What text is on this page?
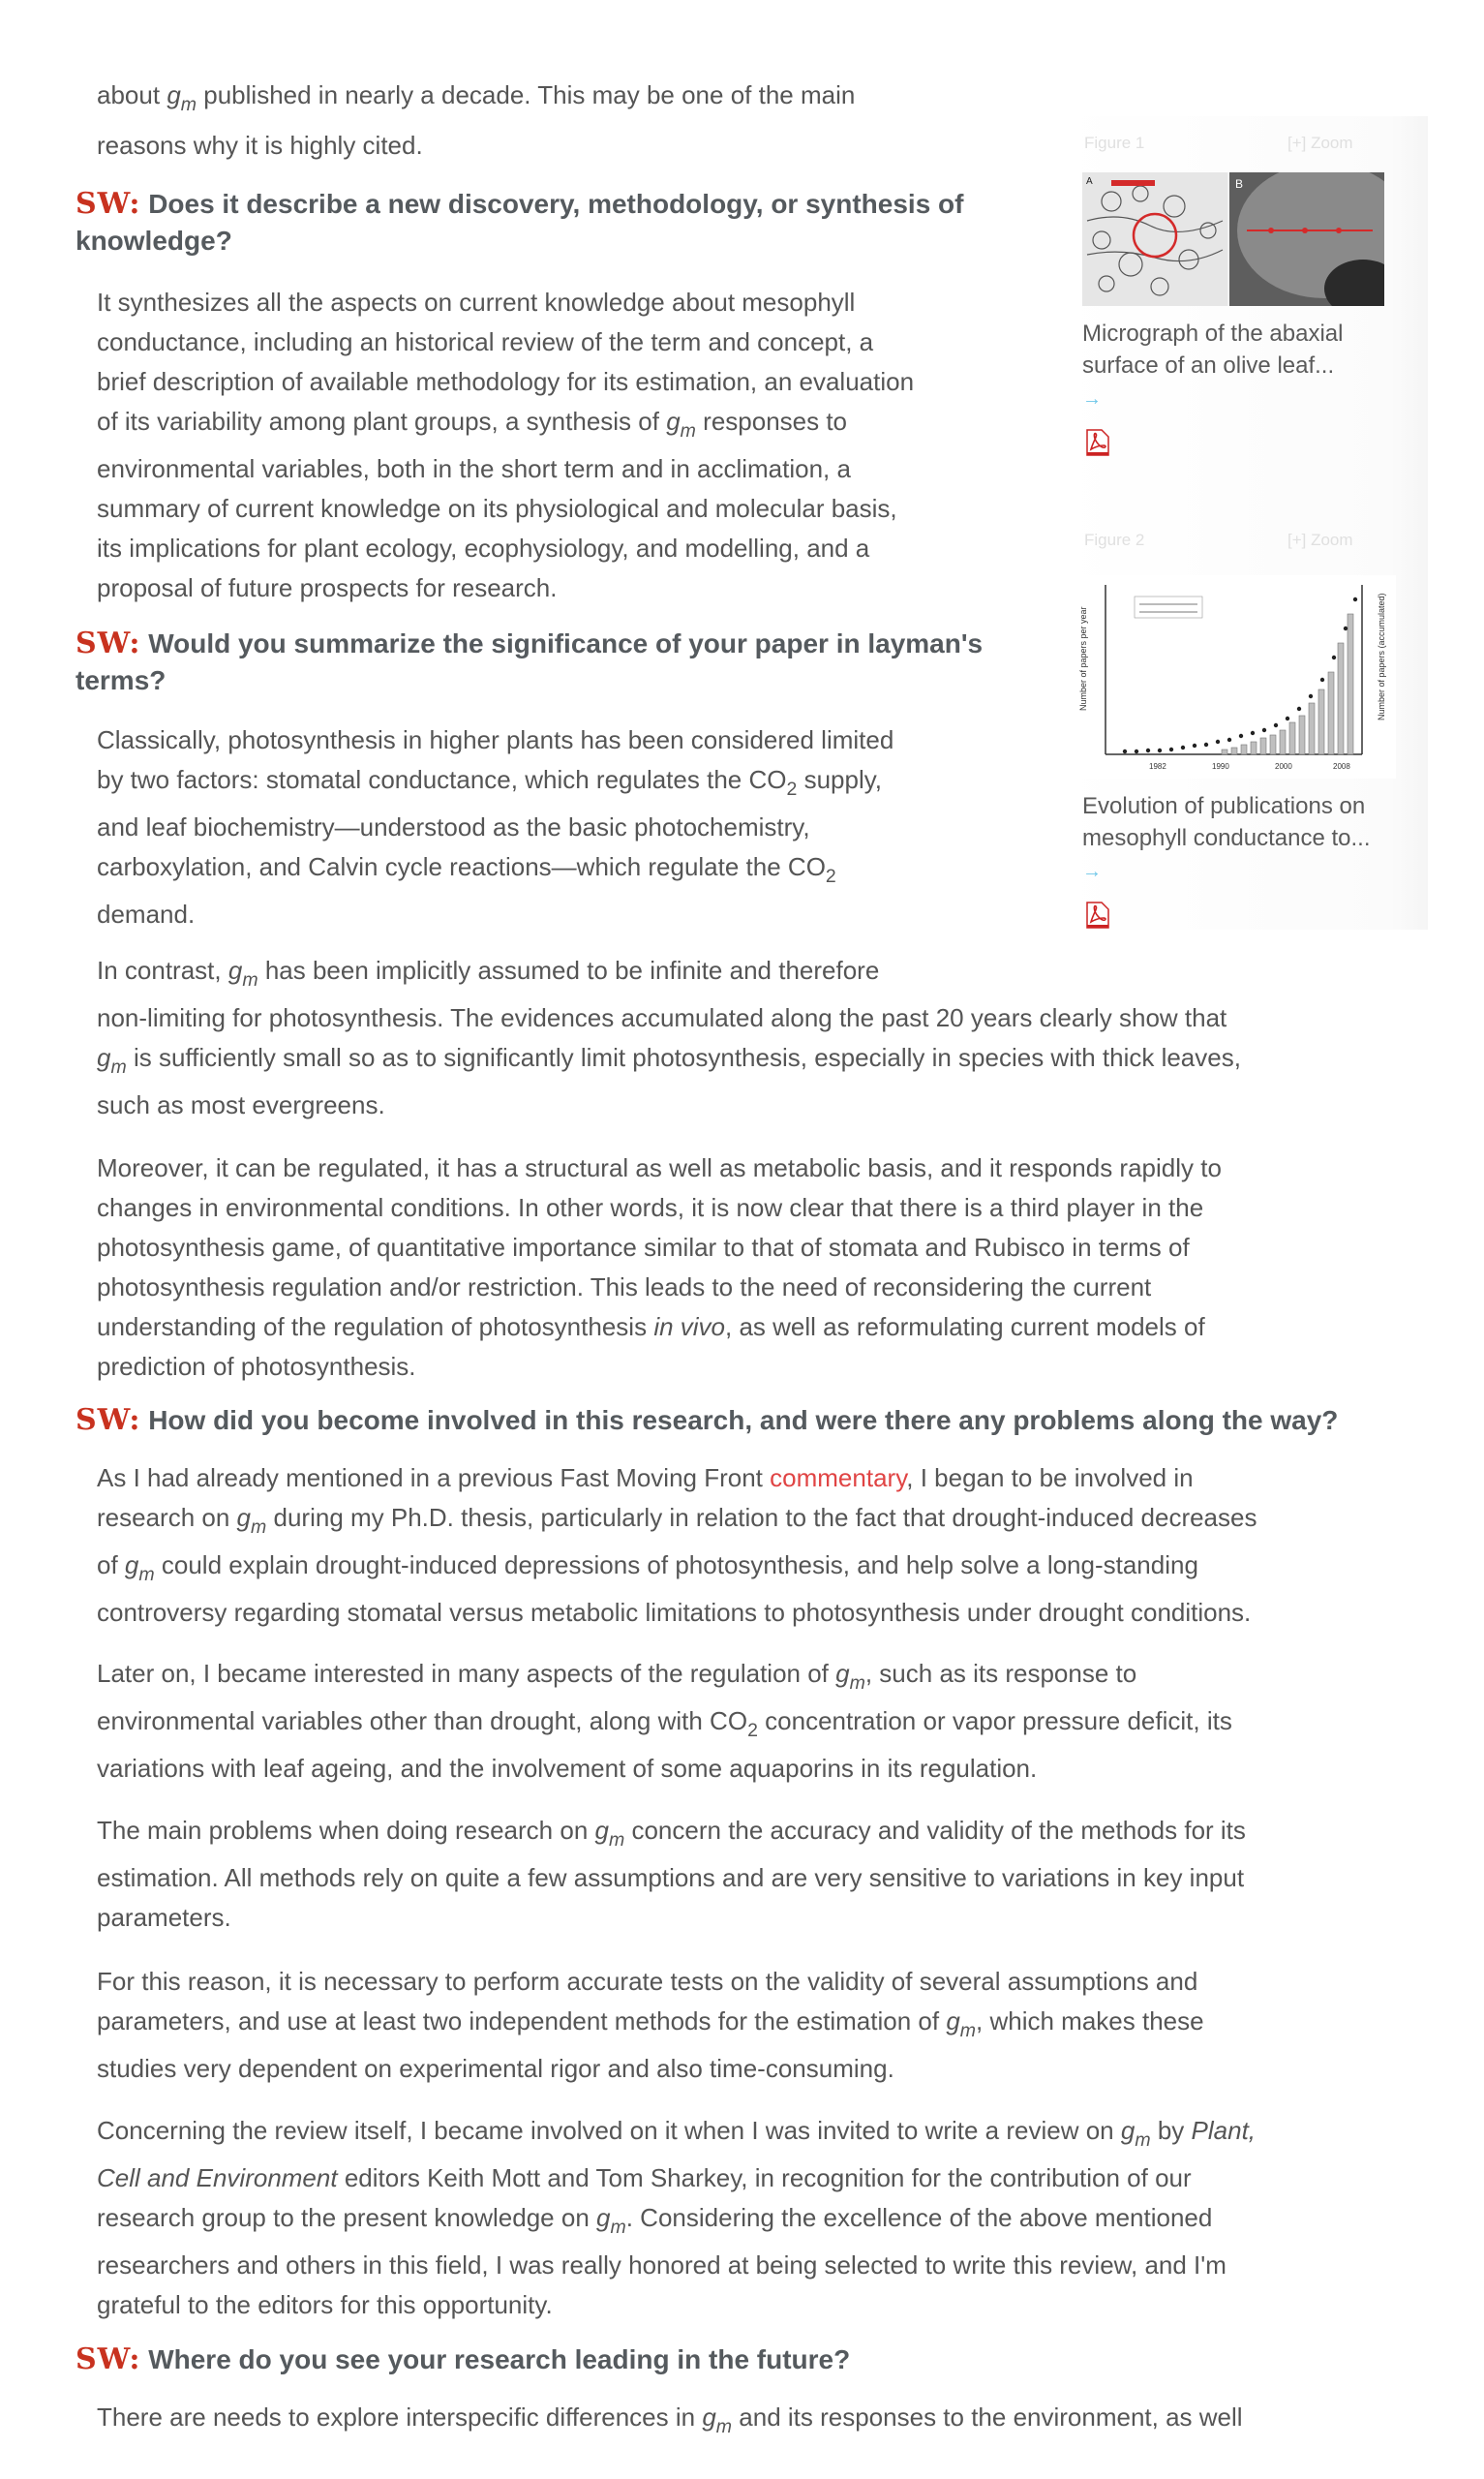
Figure 1	[+] Zoom
B
A

Micrograph of the abaxial surface of an olive leaf...
→

Figure 2	[+] Zoom
Number of papers per year	Number of papers (accumulated)
1982	1990	2000	2008

Evolution of publications on mesophyll conductance to... →

about $g_m$ published in nearly a decade. This may be one of the main

reasons why it is highly cited.

SW: Does it describe a new discovery, methodology, or synthesis of knowledge?

It synthesizes all the aspects on current knowledge about mesophyll

conductance, including an historical review of the term and concept, a

brief description of available methodology for its estimation, an evaluation

of its variability among plant groups, a synthesis of $g_m$ responses to

environmental variables, both in the short term and in acclimation, a

summary of current knowledge on its physiological and molecular basis,

its implications for plant ecology, ecophysiology, and modelling, and a

proposal of future prospects for research.

SW: Would you summarize the significance of your paper in layman's terms?

Classically, photosynthesis in higher plants has been considered limited

by two factors: stomatal conductance, which regulates the $CO_2$ supply,

and leaf biochemistry—understood as the basic photochemistry,

carboxylation, and Calvin cycle reactions—which regulate the $CO_2$

demand.

In contrast, $g_m$ has been implicitly assumed to be infinite and therefore

non-limiting for photosynthesis. The evidences accumulated along the past 20 years clearly show that

$g_m$ is sufficiently small so as to significantly limit photosynthesis, especially in species with thick leaves,

such as most evergreens.

Moreover, it can be regulated, it has a structural as well as metabolic basis, and it responds rapidly to

changes in environmental conditions. In other words, it is now clear that there is a third player in the

photosynthesis game, of quantitative importance similar to that of stomata and Rubisco in terms of

photosynthesis regulation and/or restriction. This leads to the need of reconsidering the current

understanding of the regulation of photosynthesis in vivo, as well as reformulating current models of

prediction of photosynthesis.

SW: How did you become involved in this research, and were there any problems along the way?

As I had already mentioned in a previous Fast Moving Front commentary, I began to be involved in

research on $g_m$ during my Ph.D. thesis, particularly in relation to the fact that drought-induced decreases

of $g_m$ could explain drought-induced depressions of photosynthesis, and help solve a long-standing

controversy regarding stomatal versus metabolic limitations to photosynthesis under drought conditions.

Later on, I became interested in many aspects of the regulation of $g_m$, such as its response to

environmental variables other than drought, along with $CO_2$ concentration or vapor pressure deficit, its

variations with leaf ageing, and the involvement of some aquaporins in its regulation.

The main problems when doing research on $g_m$ concern the accuracy and validity of the methods for its

estimation. All methods rely on quite a few assumptions and are very sensitive to variations in key input

parameters.

For this reason, it is necessary to perform accurate tests on the validity of several assumptions and

parameters, and use at least two independent methods for the estimation of $g_m$, which makes these

studies very dependent on experimental rigor and also time-consuming.

Concerning the review itself, I became involved on it when I was invited to write a review on $g_m$ by Plant,

Cell and Environment editors Keith Mott and Tom Sharkey, in recognition for the contribution of our

research group to the present knowledge on $g_m$. Considering the excellence of the above mentioned

researchers and others in this field, I was really honored at being selected to write this review, and I'm

grateful to the editors for this opportunity.

SW: Where do you see your research leading in the future?

There are needs to explore interspecific differences in $g_m$ and its responses to the environment, as well
